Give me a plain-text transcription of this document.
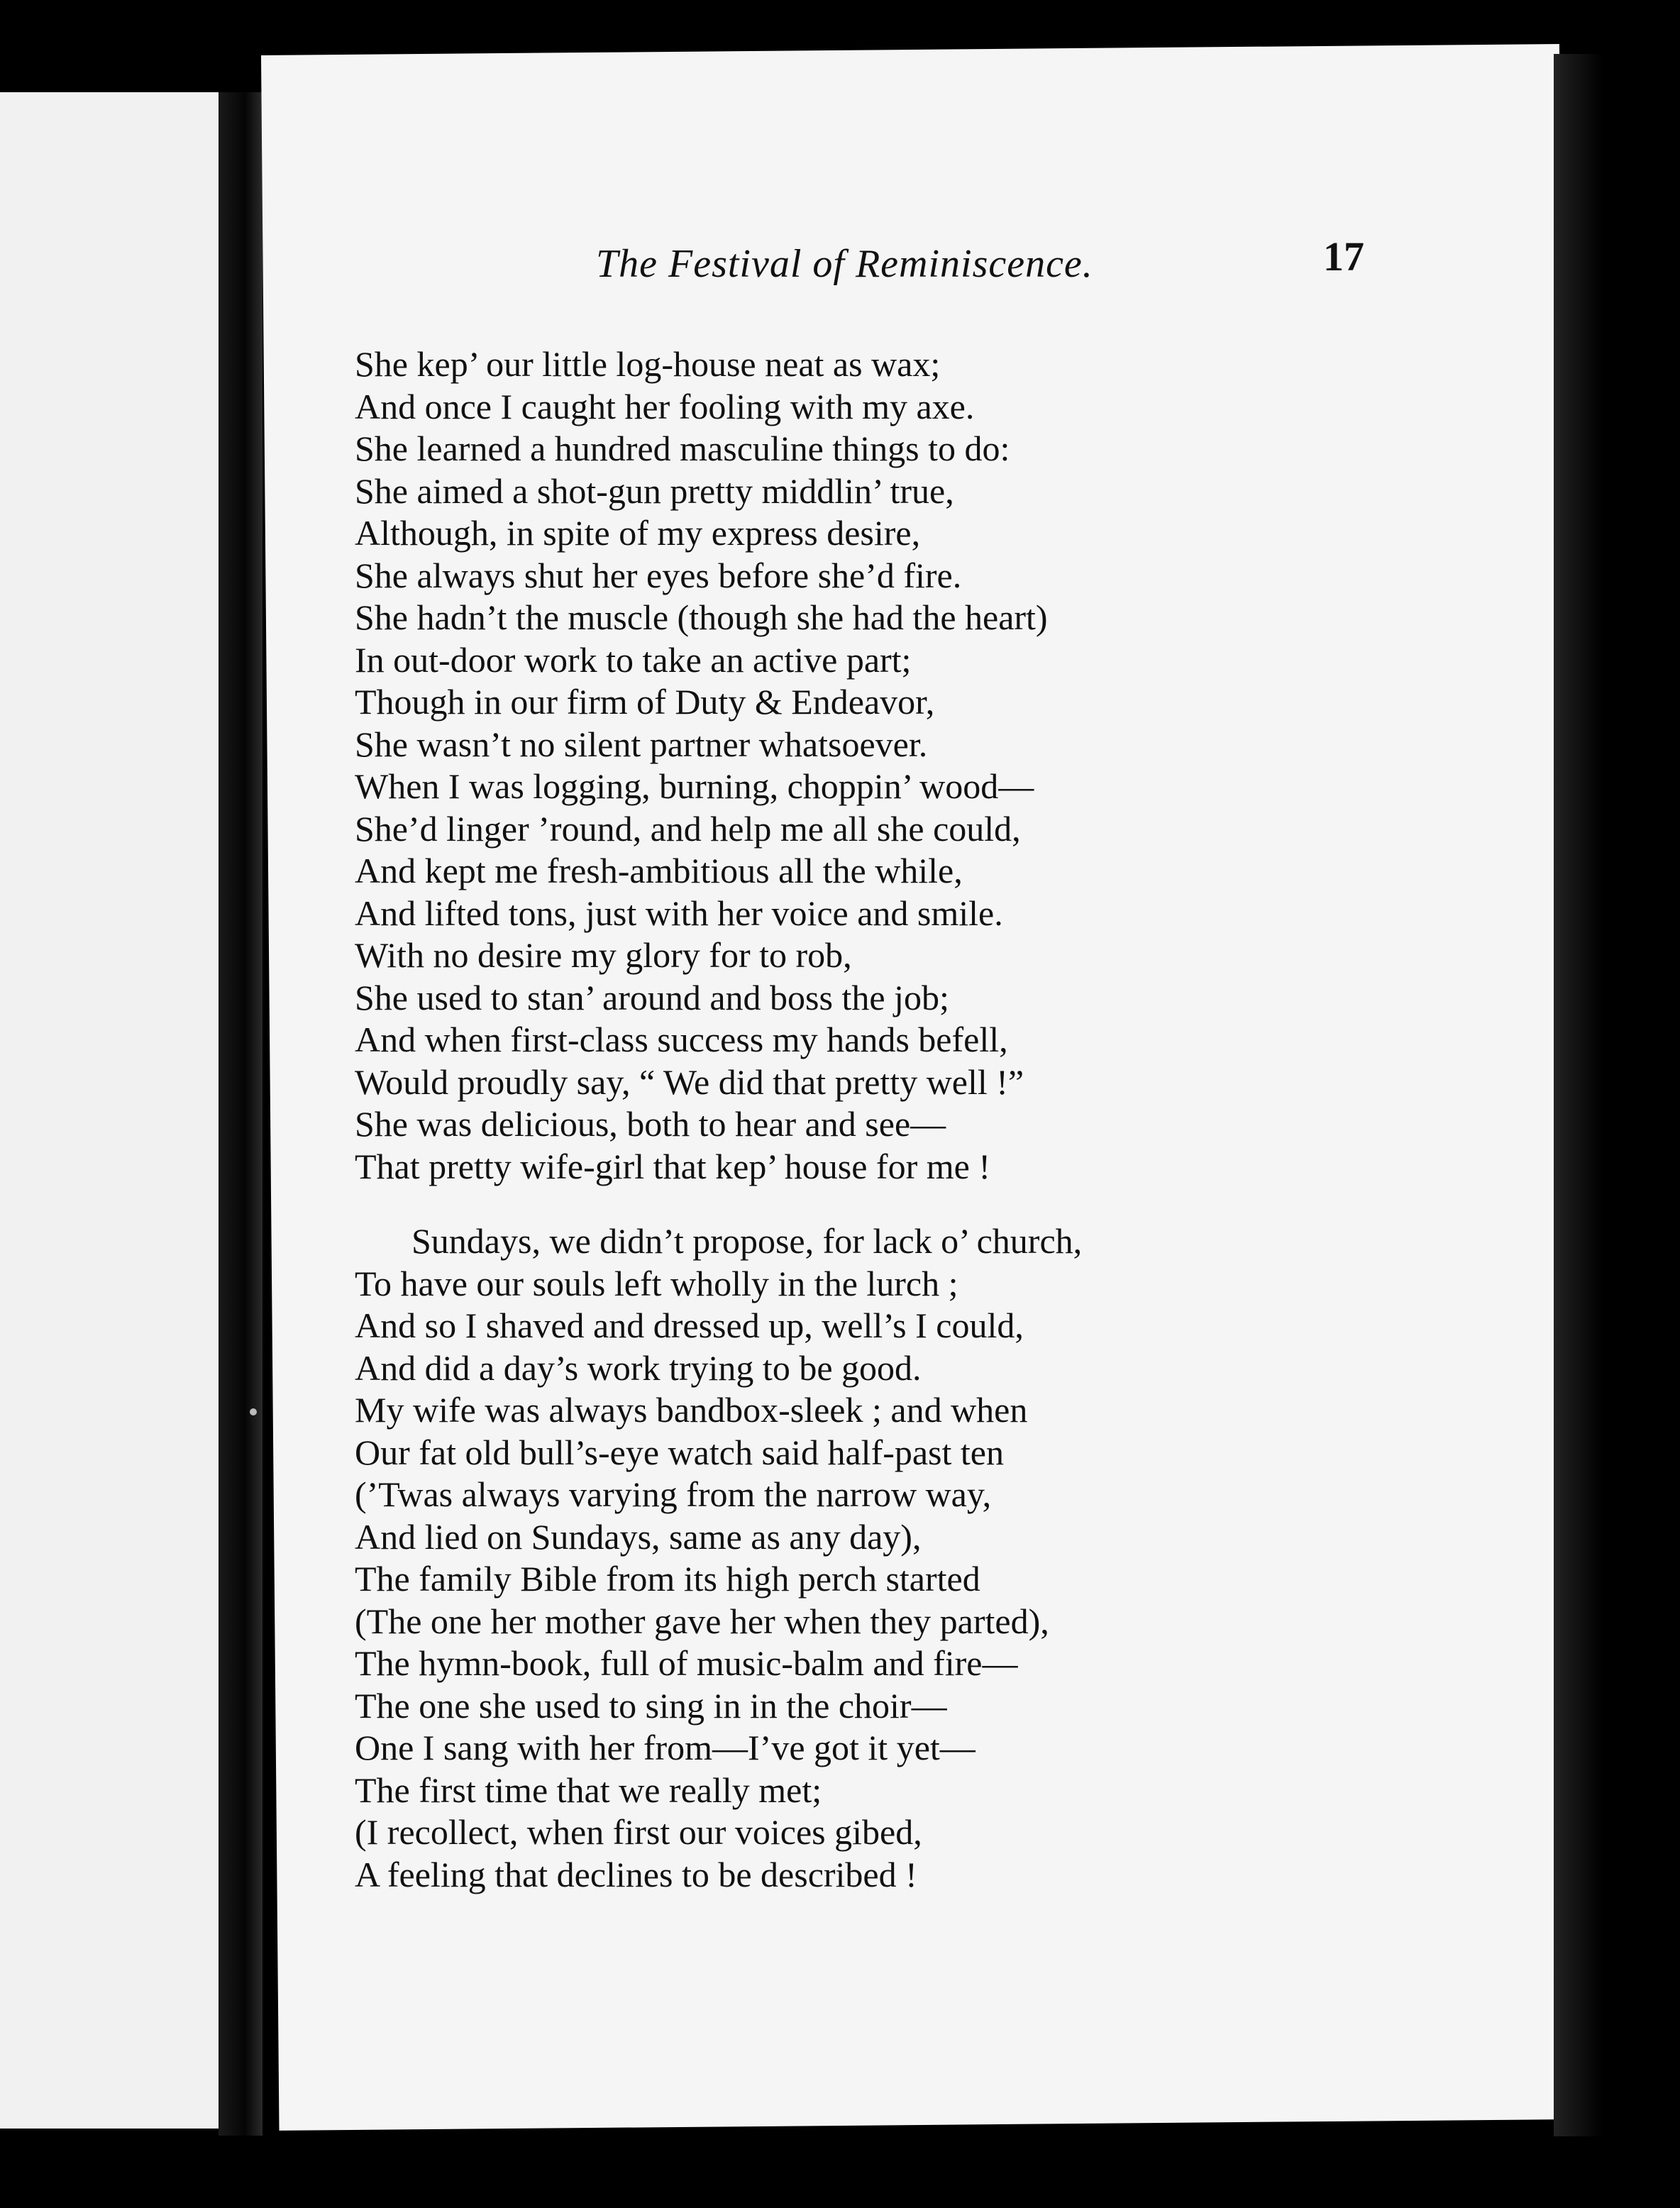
The Festival of Reminiscence.	17
She kep’ our little log-house neat as wax;
And once I caught her fooling with my axe.
She learned a hundred masculine things to do:
She aimed a shot-gun pretty middlin’ true,
Although, in spite of my express desire,
She always shut her eyes before she’d fire.
She hadn’t the muscle (though she had the heart)
In out-door work to take an active part;
Though in our firm of Duty & Endeavor,
She wasn’t no silent partner whatsoever.
When I was logging, burning, choppin’ wood—
She’d linger ’round, and help me all she could,
And kept me fresh-ambitious all the while,
And lifted tons, just with her voice and smile.
With no desire my glory for to rob,
She used to stan’ around and boss the job;
And when first-class success my hands befell,
Would proudly say, “ We did that pretty well !”
She was delicious, both to hear and see—
That pretty wife-girl that kep’ house for me !
Sundays, we didn’t propose, for lack o’ church,
To have our souls left wholly in the lurch ;
And so I shaved and dressed up, well’s I could,
And did a day’s work trying to be good.
My wife was always bandbox-sleek ; and when
Our fat old bull’s-eye watch said half-past ten
(’Twas always varying from the narrow way,
And lied on Sundays, same as any day),
The family Bible from its high perch started
(The one her mother gave her when they parted),
The hymn-book, full of music-balm and fire—
The one she used to sing in in the choir—
One I sang with her from—I’ve got it yet—
The first time that we really met;
(I recollect, when first our voices gibed,
A feeling that declines to be described !
